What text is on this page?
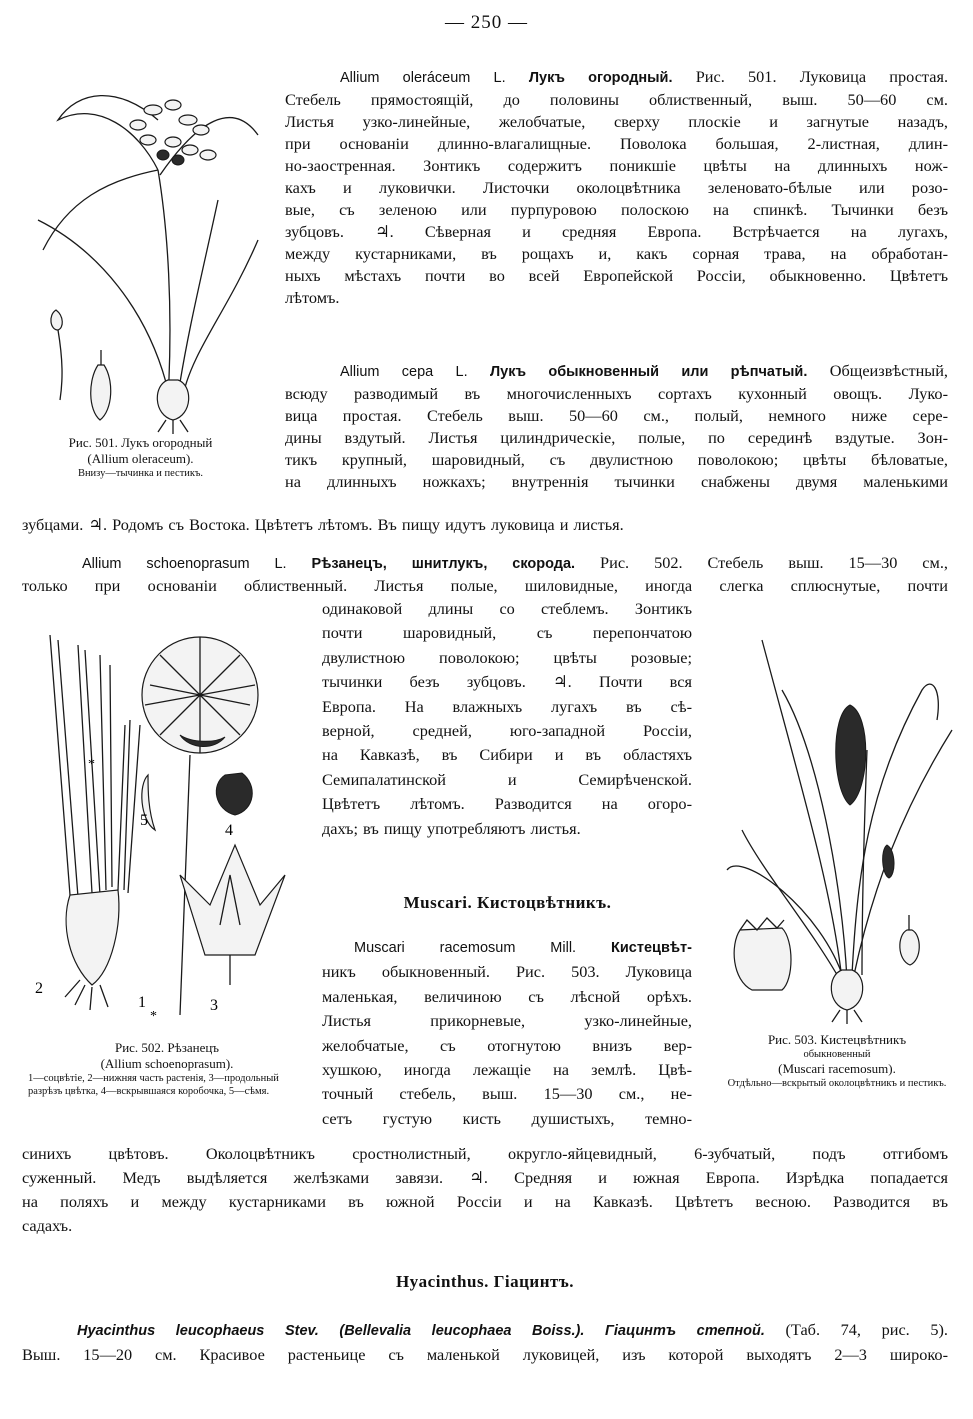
— 250 —
Рис. 501. Лукъ огородный
(Allium oleraceum).
Внизу—тычинка и пестикъ.

Allium oleráceum L. Лукъ огородный. Рис. 501. Луковица простая.

Стебель прямостоящій, до половины облиственный, выш. 50—60 см.

Листья узко-линейные, желобчатые, сверху плоскіе и загнутые назадъ,

при основаніи длинно-влагалищные. Поволока большая, 2-листная, длин-

но-заостренная. Зонтикъ содержитъ поникшіе цвѣты на длинныхъ нож-

кахъ и луковички. Листочки околоцвѣтника зеленовато-бѣлые или розо-

вые, съ зеленою или пурпуровою полоскою на спинкѣ. Тычинки безъ

зубцовъ. ♃. Сѣверная и средняя Европа. Встрѣчается на лугахъ,

между кустарниками, въ рощахъ и, какъ сорная трава, на обработан-

ныхъ мѣстахъ почти во всей Европейской Россіи, обыкновенно. Цвѣтетъ

лѣтомъ.

Allium cepa L. Лукъ обыкновенный или рѣпчатый. Общеизвѣстный,

всюду разводимый въ многочисленныхъ сортахъ кухонный овощъ. Луко-

вица простая. Стебель выш. 50—60 см., полый, немного ниже сере-

дины вздутый. Листья цилиндрическіе, полые, по серединѣ вздутые. Зон-

тикъ крупный, шаровидный, съ двулистною поволокою; цвѣты бѣловатые,

на длинныхъ ножкахъ; внутреннія тычинки снабжены двумя маленькими

зубцами. ♃. Родомъ съ Востока. Цвѣтетъ лѣтомъ. Въ пищу идутъ луковица и листья.

Allium schoenoprasum L. Рѣзанецъ, шнитлукъ, скорода. Рис. 502. Стебель выш. 15—30 см.,

только при основаніи облиственный. Листья полые, шиловидные, иногда слегка сплюснутые, почти

одинаковой длины со стеблемъ. Зонтикъ

почти шаровидный, съ перепончатою

двулистною поволокою; цвѣты розовые;

тычинки безъ зубцовъ. ♃. Почти вся

Европа. На влажныхъ лугахъ въ сѣ-

верной, средней, юго-западной Россіи,

на Кавказѣ, въ Сибири и въ областяхъ

Семипалатинской и Семирѣченской.

Цвѣтетъ лѣтомъ. Разводится на огоро-

дахъ; въ пищу употребляютъ листья.

2
1
5
4
3
*
*
Рис. 502. Рѣзанецъ
(Allium schoenoprasum).
1—соцвѣтіе, 2—нижняя часть растенія, 3—продольный разрѣзъ цвѣтка, 4—вскрывшаяся коробочка, 5—сѣмя.
Рис. 503. Кистецвѣтникъ
обыкновенный
(Muscari racemosum).
Отдѣльно—вскрытый околоцвѣтникъ и пестикъ.
Muscari. Кистоцвѣтникъ.

Muscari racemosum Mill. Кистецвѣт-

никъ обыкновенный. Рис. 503. Луковица

маленькая, величиною съ лѣсной орѣхъ.

Листья прикорневые, узко-линейные,

желобчатые, съ отогнутою внизъ вер-

хушкою, иногда лежащіе на землѣ. Цвѣ-

точный стебель, выш. 15—30 см., не-

сетъ густую кисть душистыхъ, темно-

синихъ цвѣтовъ. Околоцвѣтникъ сростнолистный, округло-яйцевидный, 6-зубчатый, подъ отгибомъ

суженный. Медъ выдѣляется желѣзками завязи. ♃. Средняя и южная Европа. Изрѣдка попадается

на поляхъ и между кустарниками въ южной Россіи и на Кавказѣ. Цвѣтетъ весною. Разводится въ

садахъ.

Hyacinthus. Гіацинтъ.

Hyacinthus leucophaeus Stev. (Bellevalia leucophaea Boiss.). Гіацинтъ степной. (Таб. 74, рис. 5).

Выш. 15—20 см. Красивое растеньице съ маленькой луковицей, изъ которой выходятъ 2—3 широко-
